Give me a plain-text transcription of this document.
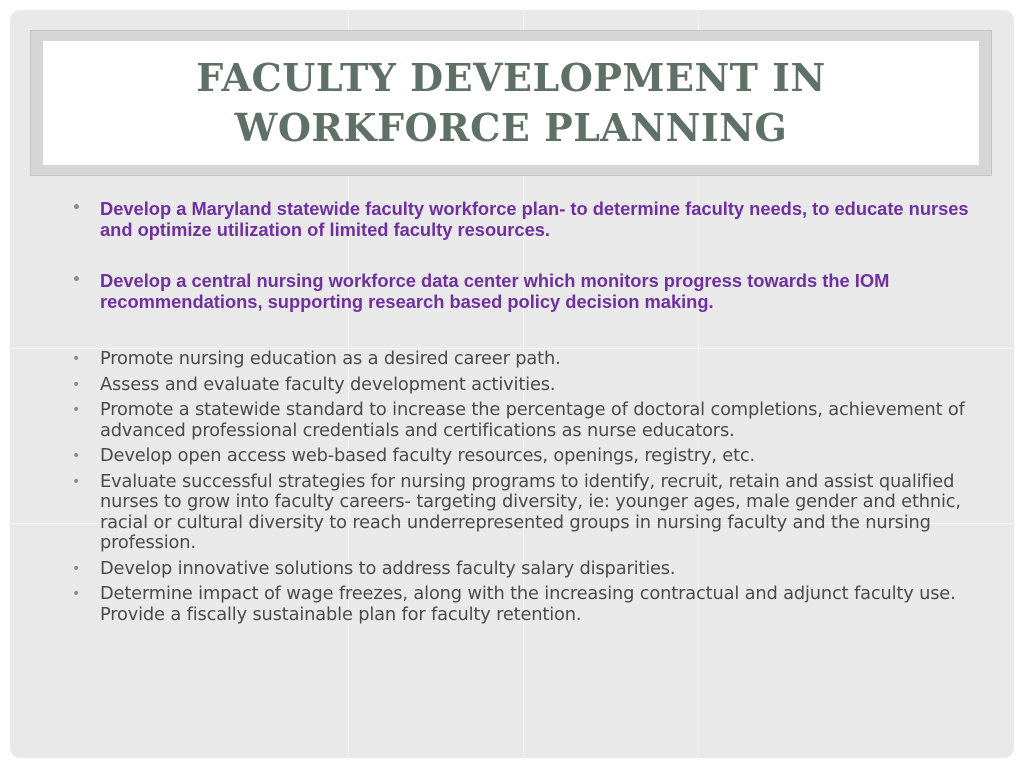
FACULTY DEVELOPMENT IN
WORKFORCE PLANNING
• Develop a Maryland statewide faculty workforce plan- to determine faculty needs, to educate nurses and optimize utilization of limited faculty resources.
• Develop a central nursing workforce data center which monitors progress towards the IOM recommendations, supporting research based policy decision making.
• Promote nursing education as a desired career path.
• Assess and evaluate faculty development activities.
• Promote a statewide standard to increase the percentage of doctoral completions, achievement of advanced professional credentials and certifications as nurse educators.
• Develop open access web-based faculty resources, openings, registry, etc.
• Evaluate successful strategies for nursing programs to identify, recruit, retain and assist qualified nurses to grow into faculty careers- targeting diversity, ie: younger ages, male gender and ethnic, racial or cultural diversity to reach underrepresented groups in nursing faculty and the nursing profession.
• Develop innovative solutions to address faculty salary disparities.
• Determine impact of wage freezes, along with the increasing contractual and adjunct faculty use. Provide a fiscally sustainable plan for faculty retention.
